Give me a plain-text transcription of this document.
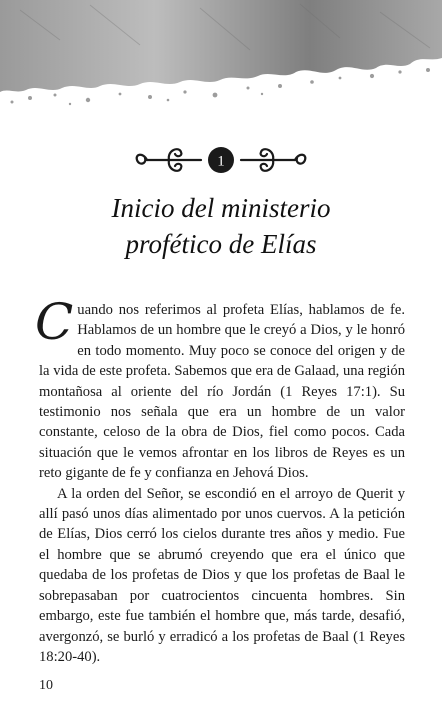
1
Inicio del ministerio
profético de Elías

Cuando nos referimos al profeta Elías, hablamos de fe. Hablamos de un hombre que le creyó a Dios, y le honró en todo momento. Muy poco se conoce del origen y de la vida de este profeta. Sabemos que era de Galaad, una región montañosa al oriente del río Jordán (1 Reyes 17:1). Su testimonio nos señala que era un hombre de un valor constante, celoso de la obra de Dios, fiel como pocos. Cada situación que le vemos afrontar en los libros de Reyes es un reto gigante de fe y confianza en Jehová Dios.

A la orden del Señor, se escondió en el arroyo de Querit y allí pasó unos días alimentado por unos cuervos. A la petición de Elías, Dios cerró los cielos durante tres años y medio. Fue el hombre que se abrumó creyendo que era el único que quedaba de los profetas de Dios y que los profetas de Baal le sobrepasaban por cuatrocientos cincuenta hombres. Sin embargo, este fue también el hombre que, más tarde, desafió, avergonzó, se burló y erradicó a los profetas de Baal (1 Reyes 18:20-40).

10
